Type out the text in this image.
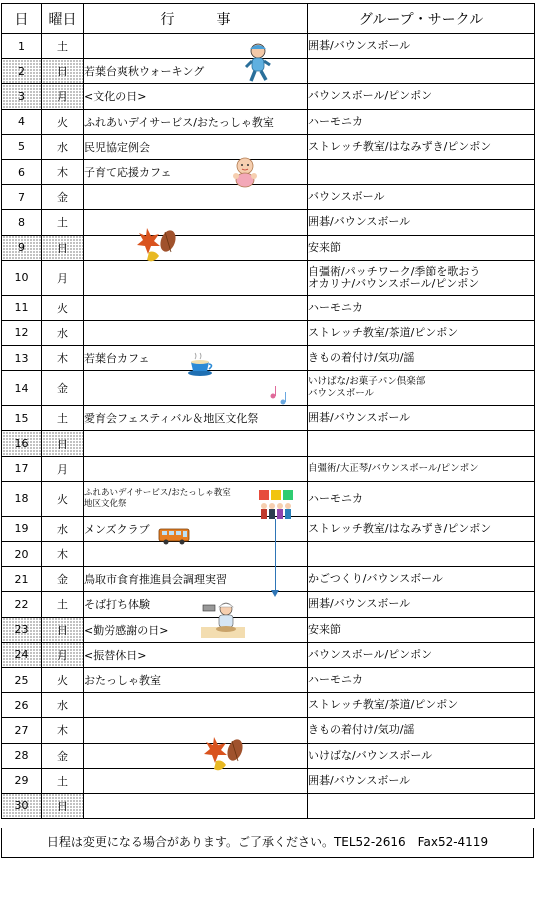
日	曜日	行　　　事	グループ・サークル
1	土		囲碁/バウンスボール
2	日	若葉台爽秋ウォーキング	
3	月	<文化の日>	バウンスボール/ピンポン
4	火	ふれあいデイサービス/おたっしゃ教室	ハーモニカ
5	水	民児協定例会	ストレッチ教室/はなみずき/ピンポン
6	木	子育て応援カフェ	
7	金		バウンスボール
8	土		囲碁/バウンスボール
9	日		安来節
10	月		自彊術/パッチワーク/季節を歌おう
オカリナ/バウンスボール/ピンポン

11	火		ハーモニカ
12	水		ストレッチ教室/茶道/ピンポン
13	木	若葉台カフェ	きもの着付け/気功/謡
14	金		いけばな/お菓子パン倶楽部
バウンスボール

15	土	愛育会フェスティバル＆地区文化祭	囲碁/バウンスボール
16	日		
17	月		自彊術/大正琴/バウンスボール/ピンポン
18	火	ふれあいデイサービス/おたっしゃ教室
地区文化祭	ハーモニカ
19	水	メンズクラブ	ストレッチ教室/はなみずき/ピンポン
20	木		
21	金	鳥取市食育推進員会調理実習	かごつくり/バウンスボール
22	土	そば打ち体験	囲碁/バウンスボール
23	日	<勤労感謝の日>	安来節
24	月	<振替休日>	バウンスボール/ピンポン
25	火	おたっしゃ教室	ハーモニカ
26	水		ストレッチ教室/茶道/ピンポン
27	木		きもの着付け/気功/謡
28	金		いけばな/バウンスボール
29	土		囲碁/バウンスボール
30	日		
日程は変更になる場合があります。ご了承ください。TEL52-2616　Fax52-4119
